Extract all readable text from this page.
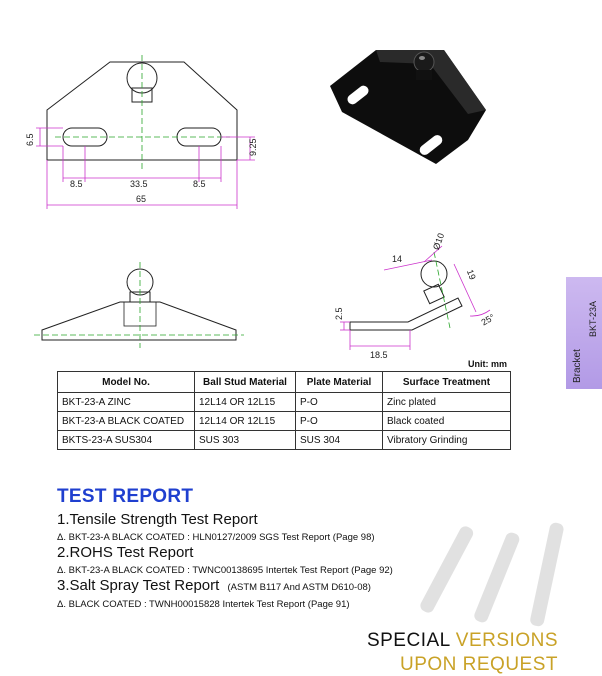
6.5	9.25
8.5	33.5	8.5
65
2.5
14
Ø10
19
25°
18.5
BKT-23A
Bracket
Unit: mm
Model No.	Ball Stud Material	Plate Material	Surface Treatment
BKT-23-A ZINC	12L14 OR 12L15	P-O	Zinc plated
BKT-23-A BLACK COATED	12L14 OR 12L15	P-O	Black coated
BKTS-23-A SUS304	SUS 303	SUS 304	Vibratory Grinding
TEST REPORT
1.Tensile Strength Test Report
Δ. BKT-23-A BLACK COATED : HLN0127/2009 SGS Test Report (Page 98)
2.ROHS Test Report
Δ. BKT-23-A BLACK COATED : TWNC00138695 Intertek Test Report (Page 92)
3.Salt Spray Test Report (ASTM B117 And ASTM D610-08)
Δ. BLACK COATED : TWNH00015828 Intertek Test Report (Page 91)
SPECIAL VERSIONS
UPON REQUEST
